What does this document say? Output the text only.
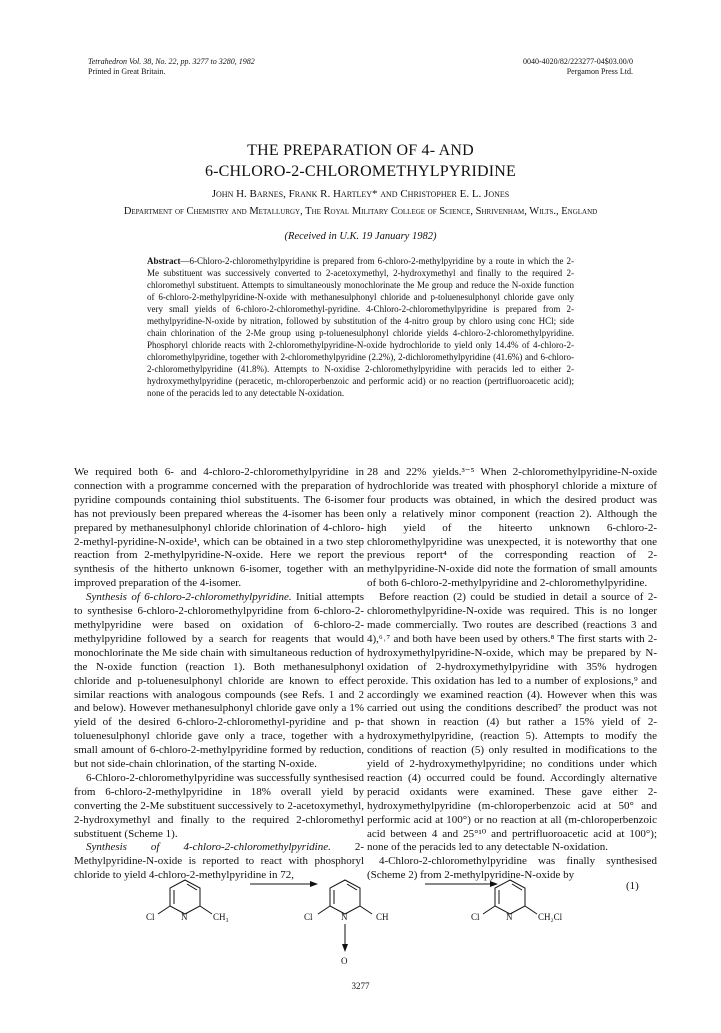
Tetrahedron Vol. 38, No. 22, pp. 3277 to 3280, 1982
Printed in Great Britain.
0040-4020/82/223277-04$03.00/0
Pergamon Press Ltd.
THE PREPARATION OF 4- AND
6-CHLORO-2-CHLOROMETHYLPYRIDINE
John H. Barnes, Frank R. Hartley* and Christopher E. L. Jones
Department of Chemistry and Metallurgy, The Royal Military College of Science, Shrivenham, Wilts., England
(Received in U.K. 19 January 1982)
Abstract—6-Chloro-2-chloromethylpyridine is prepared from 6-chloro-2-methylpyridine by a route in which the 2-Me substituent was successively converted to 2-acetoxymethyl, 2-hydroxymethyl and finally to the required 2-chloromethyl substituent. Attempts to simultaneously monochlorinate the Me group and reduce the N-oxide function of 6-chloro-2-methylpyridine-N-oxide with methanesulphonyl chloride and p-toluenesulphonyl chloride gave only very small yields of 6-chloro-2-chloromethyl-pyridine. 4-Chloro-2-chloromethylpyridine is prepared from 2-methylpyridine-N-oxide by nitration, followed by substitution of the 4-nitro group by chloro using conc HCl; side chain chlorination of the 2-Me group using p-toluenesulphonyl chloride yields 4-chloro-2-chloromethylpyridine. Phosphoryl chloride reacts with 2-chloromethylpyridine-N-oxide hydrochloride to yield only 14.4% of 4-chloro-2-chloromethylpyridine, together with 2-chloromethylpyridine (2.2%), 2-dichloromethylpyridine (41.6%) and 6-chloro-2-chloromethylpyridine (41.8%). Attempts to N-oxidise 2-chloromethylpyridine with peracids led to either 2-hydroxymethylpyridine (peracetic, m-chloroperbenzoic and performic acid) or no reaction (pertrifluoroacetic acid); none of the peracids led to any detectable N-oxidation.

We required both 6- and 4-chloro-2-chloromethylpyridine in connection with a programme concerned with the preparation of pyridine compounds containing thiol substituents. The 6-isomer has not previously been prepared whereas the 4-isomer has been prepared by methanesulphonyl chloride chlorination of 4-chloro-2-methyl-pyridine-N-oxide¹, which can be obtained in a two step reaction from 2-methylpyridine-N-oxide. Here we report the synthesis of the hitherto unknown 6-isomer, together with an improved preparation of the 4-isomer.

Synthesis of 6-chloro-2-chloromethylpyridine. Initial attempts to synthesise 6-chloro-2-chloromethylpyridine from 6-chloro-2-methylpyridine were based on oxidation of 6-chloro-2-methylpyridine followed by a search for reagents that would monochlorinate the Me side chain with simultaneous reduction of the N-oxide function (reaction 1). Both methanesulphonyl chloride and p-toluenesulphonyl chloride are known to effect similar reactions with analogous compounds (see Refs. 1 and 2 and below). However methanesulphonyl chloride gave only a 1% yield of the desired 6-chloro-2-chloromethyl-pyridine and p-toluenesulphonyl chloride gave only a trace, together with a small amount of 6-chloro-2-methylpyridine formed by reduction, but not side-chain chlorination, of the starting N-oxide.

6-Chloro-2-chloromethylpyridine was successfully synthesised from 6-chloro-2-methylpyridine in 18% overall yield by converting the 2-Me substituent successively to 2-acetoxymethyl, 2-hydroxymethyl and finally to the required 2-chloromethyl substituent (Scheme 1).

Synthesis of 4-chloro-2-chloromethylpyridine. 2-Methylpyridine-N-oxide is reported to react with phosphoryl chloride to yield 4-chloro-2-methylpyridine in 72,

28 and 22% yields.³⁻⁵ When 2-chloromethylpyridine-N-oxide hydrochloride was treated with phosphoryl chloride a mixture of four products was obtained, in which the desired product was only a relatively minor component (reaction 2). Although the high yield of the hiteerto unknown 6-chloro-2-chloromethylpyridine was unexpected, it is noteworthy that one previous report⁴ of the corresponding reaction of 2-methylpyridine-N-oxide did note the formation of small amounts of both 6-chloro-2-methylpyridine and 2-chloromethylpyridine.

Before reaction (2) could be studied in detail a source of 2-chloromethylpyridine-N-oxide was required. This is no longer made commercially. Two routes are described (reactions 3 and 4),⁶˒⁷ and both have been used by others.⁸ The first starts with 2-hydroxymethylpyridine-N-oxide, which may be prepared by N-oxidation of 2-hydroxymethylpyridine with 35% hydrogen peroxide. This oxidation has led to a number of explosions,⁹ and accordingly we examined reaction (4). However when this was carried out using the conditions described⁷ the product was not that shown in reaction (4) but rather a 15% yield of 2-hydroxymethylpyridine, (reaction 5). Attempts to modify the conditions of reaction (5) only resulted in modifications to the yield of 2-hydroxymethylpyridine; no conditions under which reaction (4) occurred could be found. Accordingly alternative peracid oxidants were examined. These gave either 2-hydroxymethylpyridine (m-chloroperbenzoic acid at 50° and performic acid at 100°) or no reaction at all (m-chloroperbenzoic acid between 4 and 25°¹⁰ and pertrifluoroacetic acid at 100°); none of the peracids led to any detectable N-oxidation.

4-Chloro-2-chloromethylpyridine was finally synthesised (Scheme 2) from 2-methylpyridine-N-oxide by

Cl	N	CH₃	Cl	N	CH
O
Cl	N	CH₂Cl
(1)
3277
